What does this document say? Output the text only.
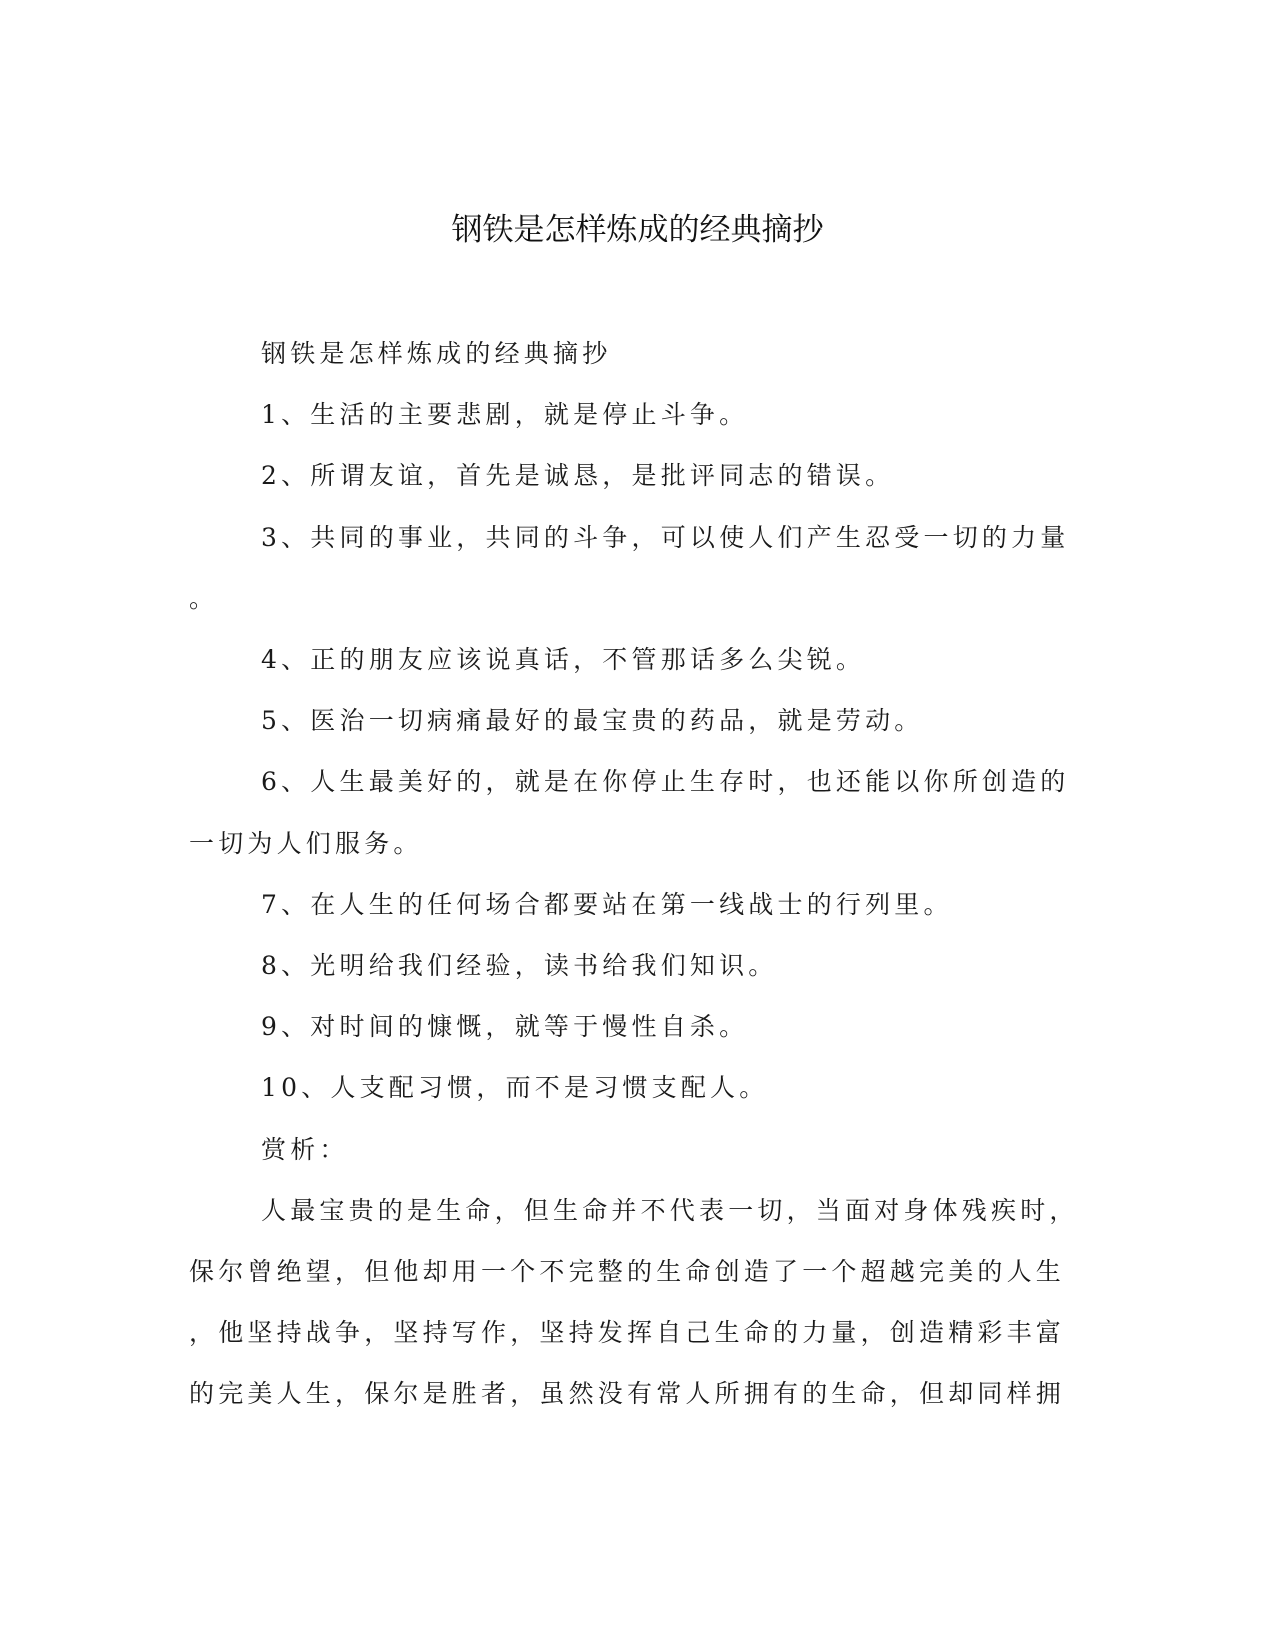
钢铁是怎样炼成的经典摘抄

钢铁是怎样炼成的经典摘抄

1、生活的主要悲剧，就是停止斗争。

2、所谓友谊，首先是诚恳，是批评同志的错误。

3、共同的事业，共同的斗争，可以使人们产生忍受一切的力量

。

4、正的朋友应该说真话，不管那话多么尖锐。

5、医治一切病痛最好的最宝贵的药品，就是劳动。

6、人生最美好的，就是在你停止生存时，也还能以你所创造的

一切为人们服务。

7、在人生的任何场合都要站在第一线战士的行列里。

8、光明给我们经验，读书给我们知识。

9、对时间的慷慨，就等于慢性自杀。

10、人支配习惯，而不是习惯支配人。

赏析：

人最宝贵的是生命，但生命并不代表一切，当面对身体残疾时，

保尔曾绝望，但他却用一个不完整的生命创造了一个超越完美的人生

，他坚持战争，坚持写作，坚持发挥自己生命的力量，创造精彩丰富

的完美人生，保尔是胜者，虽然没有常人所拥有的生命，但却同样拥
